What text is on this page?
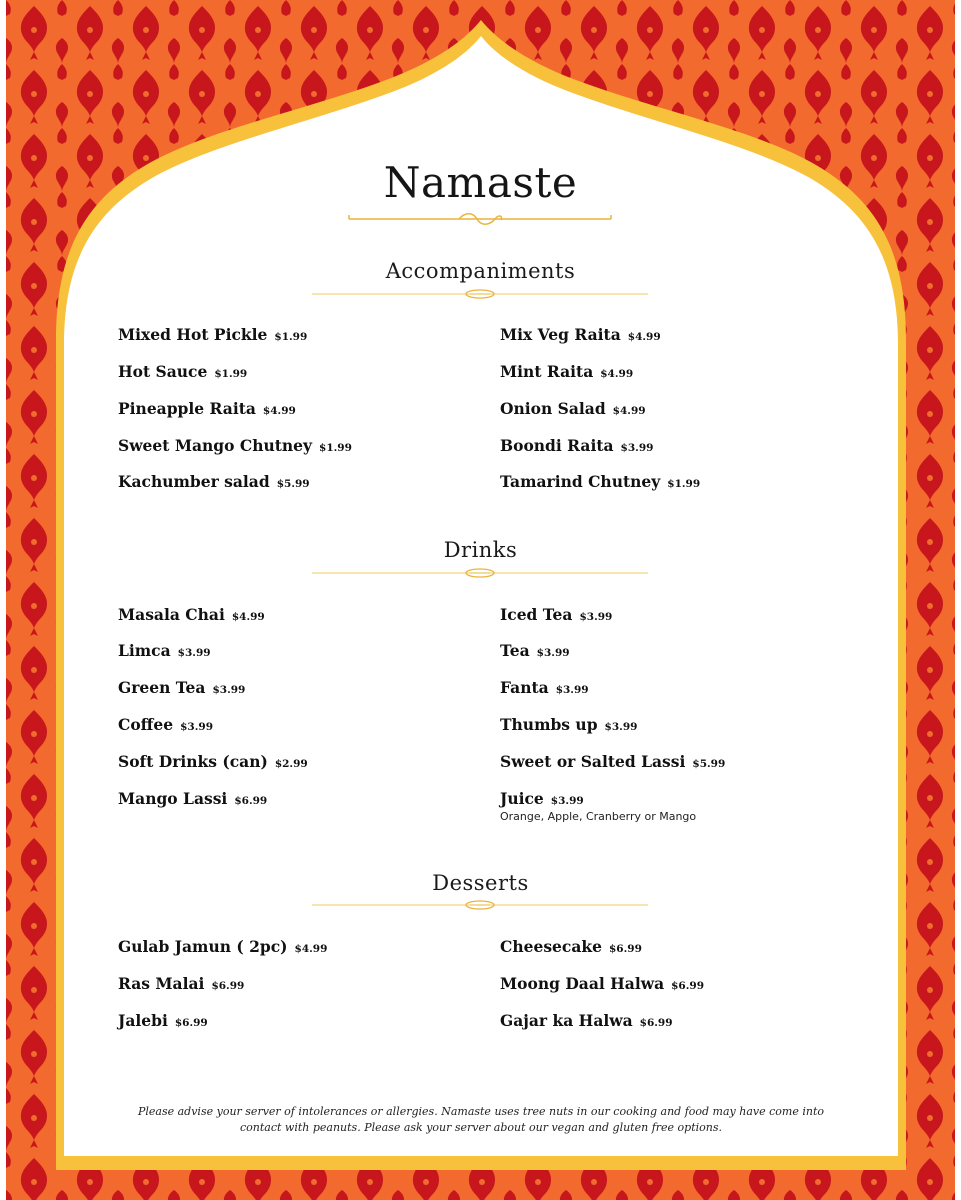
Namaste
Accompaniments
Mixed Hot Pickle $1.99
Hot Sauce $1.99
Pineapple Raita $4.99
Sweet Mango Chutney $1.99
Kachumber salad $5.99
Mix Veg Raita $4.99
Mint Raita $4.99
Onion Salad $4.99
Boondi Raita $3.99
Tamarind Chutney $1.99
Drinks
Masala Chai $4.99
Limca $3.99
Green Tea $3.99
Coffee $3.99
Soft Drinks (can) $2.99
Mango Lassi $6.99
Iced Tea $3.99
Tea $3.99
Fanta $3.99
Thumbs up $3.99
Sweet or Salted Lassi $5.99
Juice $3.99
Orange, Apple, Cranberry or Mango
Desserts
Gulab Jamun ( 2pc) $4.99
Ras Malai $6.99
Jalebi $6.99
Cheesecake $6.99
Moong Daal Halwa $6.99
Gajar ka Halwa $6.99
Please advise your server of intolerances or allergies. Namaste uses tree nuts in our cooking and food may have come into
contact with peanuts. Please ask your server about our vegan and gluten free options.
